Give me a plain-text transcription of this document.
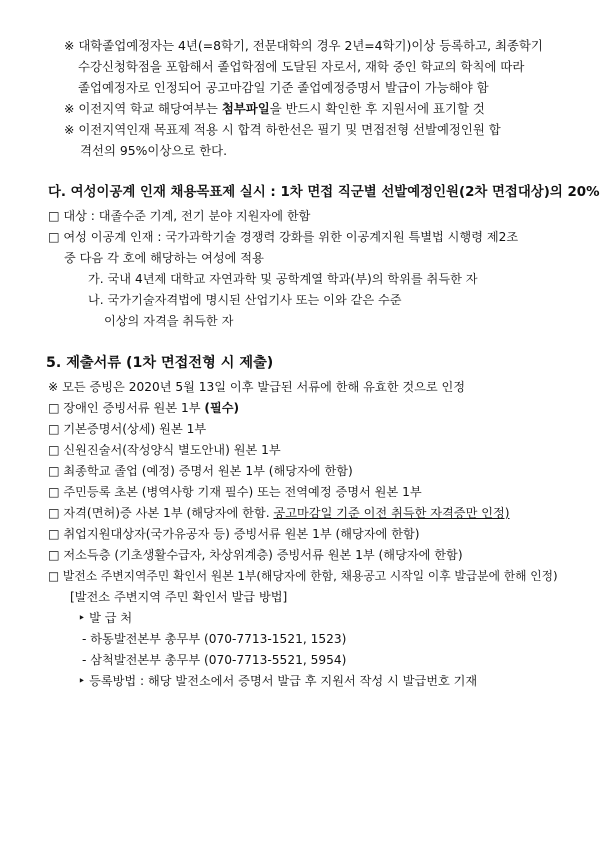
※ 대학졸업예정자는 4년(=8학기, 전문대학의 경우 2년=4학기)이상 등록하고, 최종학기
수강신청학점을 포함해서 졸업학점에 도달된 자로서, 재학 중인 학교의 학칙에 따라
졸업예정자로 인정되어 공고마감일 기준 졸업예정증명서 발급이 가능해야 함
※ 이전지역 학교 해당여부는 첨부파일을 반드시 확인한 후 지원서에 표기할 것
※ 이전지역인재 목표제 적용 시 합격 하한선은 필기 및 면접전형 선발예정인원 합
격선의 95%이상으로 한다.
다. 여성이공계 인재 채용목표제 실시 : 1차 면접 직군별 선발예정인원(2차 면접대상)의 20%
□ 대상 : 대졸수준 기계, 전기 분야 지원자에 한함
□ 여성 이공계 인재 : 국가과학기술 경쟁력 강화를 위한 이공계지원 특별법 시행령 제2조
중 다음 각 호에 해당하는 여성에 적용
가. 국내 4년제 대학교 자연과학 및 공학계열 학과(부)의 학위를 취득한 자
나. 국가기술자격법에 명시된 산업기사 또는 이와 같은 수준
이상의 자격을 취득한 자
5. 제출서류 (1차 면접전형 시 제출)
※ 모든 증빙은 2020년 5월 13일 이후 발급된 서류에 한해 유효한 것으로 인정
□ 장애인 증빙서류 원본 1부 (필수)
□ 기본증명서(상세) 원본 1부
□ 신원진술서(작성양식 별도안내) 원본 1부
□ 최종학교 졸업 (예정) 증명서 원본 1부 (해당자에 한함)
□ 주민등록 초본 (병역사항 기재 필수) 또는 전역예정 증명서 원본 1부
□ 자격(면허)증 사본 1부 (해당자에 한함. 공고마감일 기준 이전 취득한 자격증만 인정)
□ 취업지원대상자(국가유공자 등) 증빙서류 원본 1부 (해당자에 한함)
□ 저소득층 (기초생활수급자, 차상위계층) 증빙서류 원본 1부 (해당자에 한함)
□ 발전소 주변지역주민 확인서 원본 1부(해당자에 한함, 채용공고 시작일 이후 발급분에 한해 인정)
[발전소 주변지역 주민 확인서 발급 방법]
‣ 발 급 처
- 하동발전본부 총무부 (070-7713-1521, 1523)
- 삼척발전본부 총무부 (070-7713-5521, 5954)
‣ 등록방법 : 해당 발전소에서 증명서 발급 후 지원서 작성 시 발급번호 기재
